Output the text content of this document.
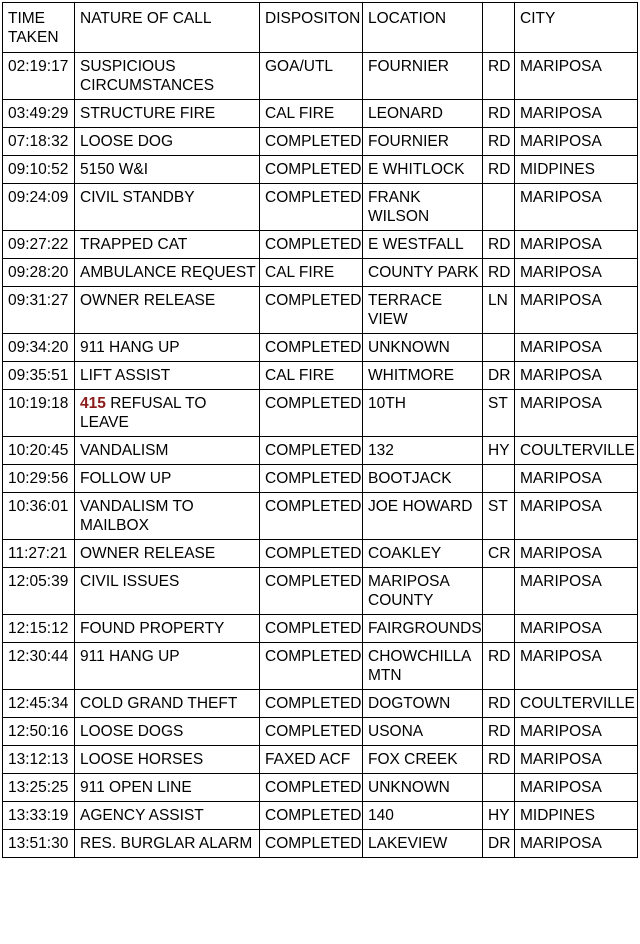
TIME TAKEN	NATURE OF CALL	DISPOSITON	LOCATION		CITY
02:19:17	SUSPICIOUS CIRCUMSTANCES	GOA/UTL	FOURNIER	RD	MARIPOSA
03:49:29	STRUCTURE FIRE	CAL FIRE	LEONARD	RD	MARIPOSA
07:18:32	LOOSE DOG	COMPLETED	FOURNIER	RD	MARIPOSA
09:10:52	5150 W&I	COMPLETED	E WHITLOCK	RD	MIDPINES
09:24:09	CIVIL STANDBY	COMPLETED	FRANK WILSON		MARIPOSA
09:27:22	TRAPPED CAT	COMPLETED	E WESTFALL	RD	MARIPOSA
09:28:20	AMBULANCE REQUEST	CAL FIRE	COUNTY PARK	RD	MARIPOSA
09:31:27	OWNER RELEASE	COMPLETED	TERRACE VIEW	LN	MARIPOSA
09:34:20	911 HANG UP	COMPLETED	UNKNOWN		MARIPOSA
09:35:51	LIFT ASSIST	CAL FIRE	WHITMORE	DR	MARIPOSA
10:19:18	415 REFUSAL TO LEAVE	COMPLETED	10TH	ST	MARIPOSA
10:20:45	VANDALISM	COMPLETED	132	HY	COULTERVILLE
10:29:56	FOLLOW UP	COMPLETED	BOOTJACK		MARIPOSA
10:36:01	VANDALISM TO MAILBOX	COMPLETED	JOE HOWARD	ST	MARIPOSA
11:27:21	OWNER RELEASE	COMPLETED	COAKLEY	CR	MARIPOSA
12:05:39	CIVIL ISSUES	COMPLETED	MARIPOSA COUNTY		MARIPOSA
12:15:12	FOUND PROPERTY	COMPLETED	FAIRGROUNDS		MARIPOSA
12:30:44	911 HANG UP	COMPLETED	CHOWCHILLA MTN	RD	MARIPOSA
12:45:34	COLD GRAND THEFT	COMPLETED	DOGTOWN	RD	COULTERVILLE
12:50:16	LOOSE DOGS	COMPLETED	USONA	RD	MARIPOSA
13:12:13	LOOSE HORSES	FAXED ACF	FOX CREEK	RD	MARIPOSA
13:25:25	911 OPEN LINE	COMPLETED	UNKNOWN		MARIPOSA
13:33:19	AGENCY ASSIST	COMPLETED	140	HY	MIDPINES
13:51:30	RES. BURGLAR ALARM	COMPLETED	LAKEVIEW	DR	MARIPOSA
